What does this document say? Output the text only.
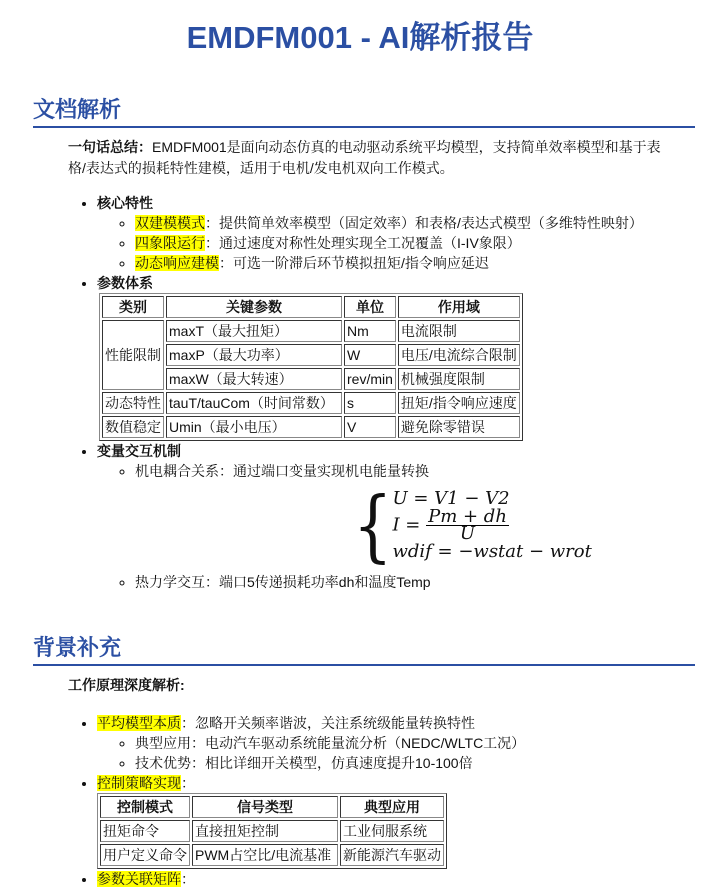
EMDFM001 - AI解析报告
文档解析
一句话总结：EMDFM001是面向动态仿真的电动驱动系统平均模型，支持简单效率模型和基于表格/表达式的损耗特性建模，适用于电机/发电机双向工作模式。
• 核心特性
◦ 双建模模式：提供简单效率模型（固定效率）和表格/表达式模型（多维特性映射）
◦ 四象限运行：通过速度对称性处理实现全工况覆盖（I-IV象限）
◦ 动态响应建模：可选一阶滞后环节模拟扭矩/指令响应延迟
• 参数体系
类别	关键参数	单位	作用域
性能限制	maxT（最大扭矩）	Nm	电流限制
	maxP（最大功率）	W	电压/电流综合限制
	maxW（最大转速）	rev/min	机械强度限制
动态特性	tauT/tauCom（时间常数）	s	扭矩/指令响应速度
数值稳定	Umin（最小电压）	V	避免除零错误
• 变量交互机制
◦ 机电耦合关系：通过端口变量实现机电能量转换
{ U = V1 − V2
$I = \frac{Pm + dh}{U}$
wdif = −wstat − wrot
◦ 热力学交互：端口5传递损耗功率dh和温度Temp
背景补充
工作原理深度解析:
• 平均模型本质：忽略开关频率谐波，关注系统级能量转换特性
◦ 典型应用：电动汽车驱动系统能量流分析（NEDC/WLTC工况）
◦ 技术优势：相比详细开关模型，仿真速度提升10-100倍
• 控制策略实现：
控制模式	信号类型	典型应用
扭矩命令	直接扭矩控制	工业伺服系统
用户定义命令	PWM占空比/电流基准	新能源汽车驱动
• 参数关联矩阵：
